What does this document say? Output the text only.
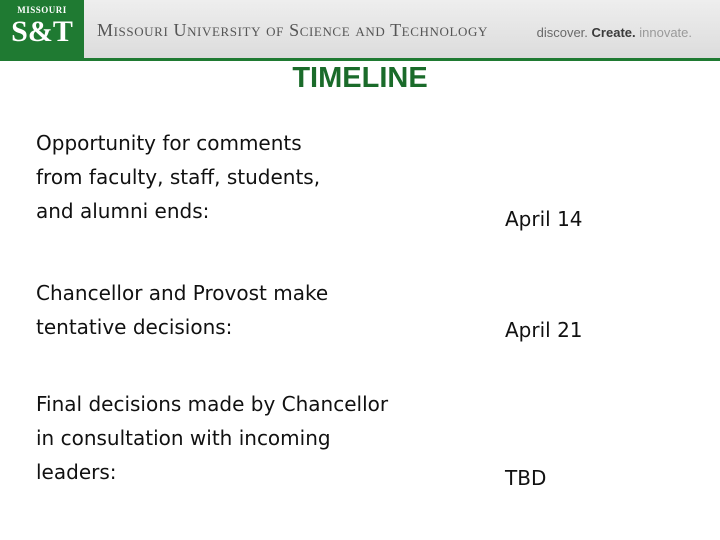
MISSOURI
S&T	Missouri University of Science and Technology	discover. Create. innovate.
TIMELINE
Opportunity for comments
from faculty, staff, students,
and alumni ends:	April 14
Chancellor and Provost make
tentative decisions:	April 21
Final decisions made by Chancellor
in consultation with incoming
leaders:	TBD
